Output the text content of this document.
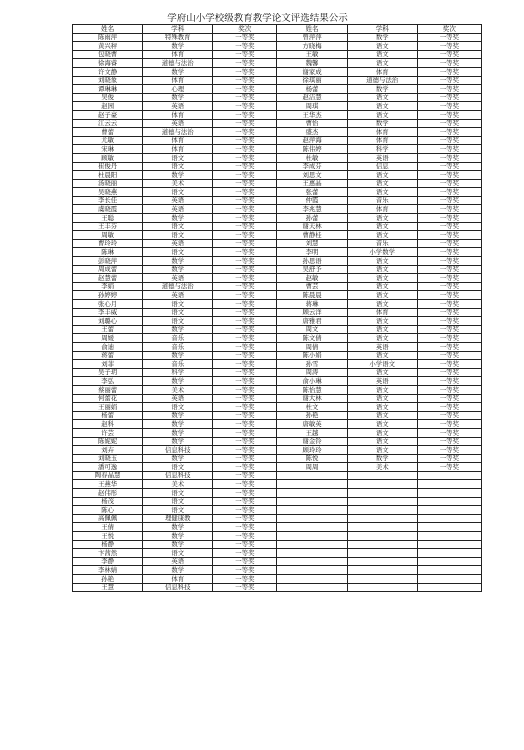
学府山小学校级教育教学论文评选结果公示
姓名	学科	奖次	姓名	学科	奖次
陈雨萍	特殊教育	一等奖	曾萍萍	数学	一等奖
黄兴秤	数学	一等奖	方晓梅	语文	一等奖
包晓曹	体育	一等奖	王敏	语文	一等奖
徐海睿	道德与法治	一等奖	魏馨	语文	一等奖
许文静	数学	一等奖	谢家成	体育	一等奖
刘晓象	体育	一等奖	徐琪丽	道德与法治	一等奖
谭琳琳	心理	一等奖	杨蕾	数学	一等奖
吴俊	数学	一等奖	赵洁慧	语文	一等奖
赵园	英语	一等奖	周琪	语文	一等奖
赵子豪	体育	一等奖	王华杰	语文	一等奖
江云云	英语	一等奖	曹怡	数学	一等奖
曹蕾	道德与法治	一等奖	盛杰	体育	一等奖
尤敏	体育	一等奖	赵萍海	体育	一等奖
宋琳	体育	一等奖	陈伟婷	科学	一等奖
顾敏	语文	一等奖	杜敏	英语	一等奖
崔俊丹	语文	一等奖	李成芬	信息	一等奖
杜晨阳	数学	一等奖	刘思文	语文	一等奖
汤晓丽	美术	一等奖	王惠晶	语文	一等奖
吴晓燕	语文	一等奖	张蕾	语文	一等奖
李长佳	英语	一等奖	仲霞	音乐	一等奖
虞晓霞	英语	一等奖	李兆慧	体育	一等奖
王聪	数学	一等奖	孙蕾	语文	一等奖
王丰芬	语文	一等奖	谢天林	语文	一等奖
周敏	语文	一等奖	曹静桂	语文	一等奖
曹玲玲	英语	一等奖	刘慧	音乐	一等奖
陈琳	语文	一等奖	李明	小学数学	一等奖
彭晓萍	数学	一等奖	孙思语	语文	一等奖
周成蕾	数学	一等奖	吴舒予	语文	一等奖
赵慧蕾	英语	一等奖	赵敏	语文	一等奖
李娟	道德与法治	一等奖	曹芸	语文	一等奖
孙婷婷	英语	一等奖	陈晨晨	语文	一等奖
张心月	语文	一等奖	蒋琳	语文	一等奖
李丰威	语文	一等奖	顾云洋	体育	一等奖
刘璐心	语文	一等奖	唐雅君	语文	一等奖
王蕾	数学	一等奖	周文	语文	一等奖
周媛	音乐	一等奖	陈文倩	语文	一等奖
俞迪	音乐	一等奖	周倩	英语	一等奖
蒋蕾	数学	一等奖	陈小娟	语文	一等奖
刘菲	音乐	一等奖	孙雪	小学语文	一等奖
吴子玥	科学	一等奖	周涛	语文	一等奖
李弘	数学	一等奖	俞小琳	英语	一等奖
蔡丽蕾	美术	一等奖	陈怡慧	语文	一等奖
何蕾花	英语	一等奖	谢大林	语文	一等奖
王丽娟	语文	一等奖	杜文	语文	一等奖
杨蕾	数学	一等奖	孙艳	语文	一等奖
赵科	数学	一等奖	唐敏英	语文	一等奖
许芸	数学	一等奖	王越	语文	一等奖
陈妮妮	数学	一等奖	谢金铃	语文	一等奖
刘卉	信息科技	一等奖	顾玲玲	语文	一等奖
刘晓玉	数学	一等奖	陈悦	数学	一等奖
潘可逸	语文	一等奖	周周	美术	一等奖
陶春晶慧	信息科技	一等奖			
王燕华	美术	一等奖			
赵伟彤	语文	一等奖			
杨茂	语文	一等奖			
陈心	语文	一等奖			
高佩佩	理健康教	一等奖			
王倩	数学	一等奖			
王悦	数学	一等奖			
杨静	数学	一等奖			
卞茜然	语文	一等奖			
李静	英语	一等奖			
李林婧	数学	一等奖			
孙艳	体育	一等奖			
王慧	信息科技	一等奖			
